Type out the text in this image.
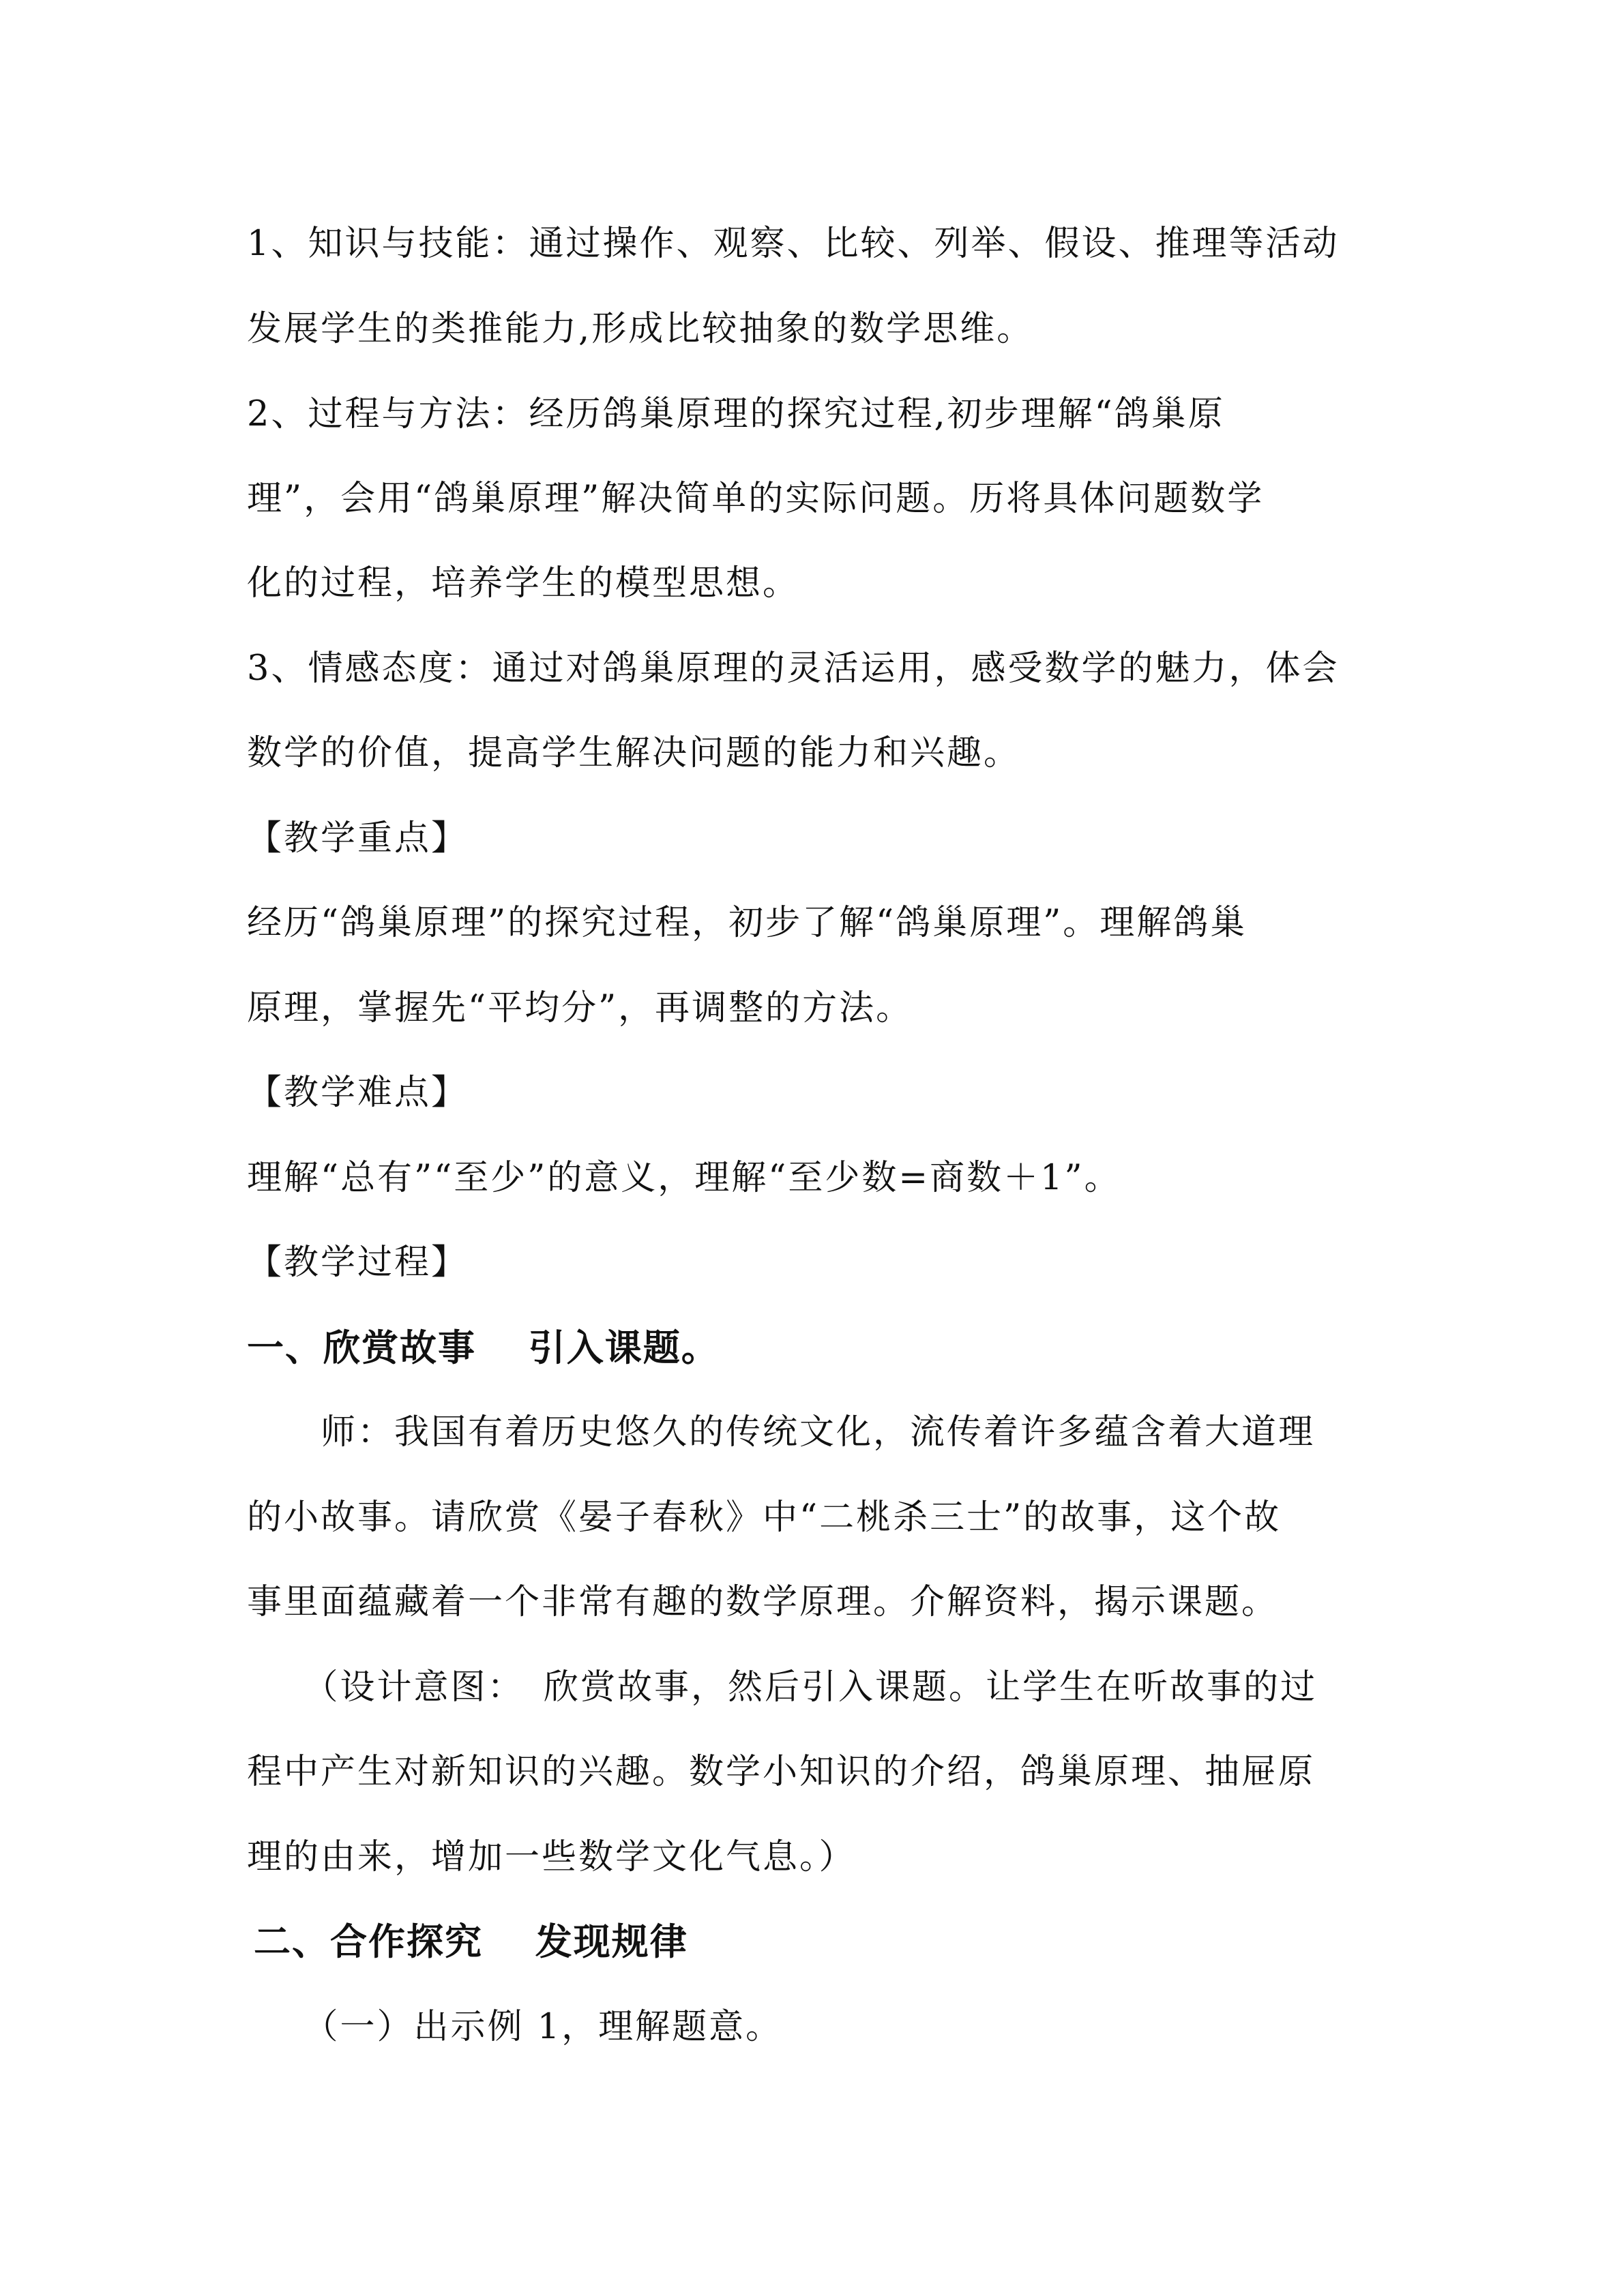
1、知识与技能：通过操作、观察、比较、列举、假设、推理等活动
发展学生的类推能力,形成比较抽象的数学思维。
2、过程与方法：经历鸽巢原理的探究过程,初步理解“鸽巢原
理”，会用“鸽巢原理”解决简单的实际问题。历将具体问题数学
化的过程，培养学生的模型思想。
3、情感态度：通过对鸽巢原理的灵活运用，感受数学的魅力，体会
数学的价值，提高学生解决问题的能力和兴趣。
【教学重点】
经历“鸽巢原理”的探究过程，初步了解“鸽巢原理”。理解鸽巢
原理，掌握先“平均分”，再调整的方法。
【教学难点】
理解“总有”“至少”的意义，理解“至少数=商数＋1”。
【教学过程】
一、欣赏故事　 引入课题。
　　师：我国有着历史悠久的传统文化，流传着许多蕴含着大道理
的小故事。请欣赏《晏子春秋》中“二桃杀三士”的故事，这个故
事里面蕴藏着一个非常有趣的数学原理。介解资料，揭示课题。
　　（设计意图：　欣赏故事，然后引入课题。让学生在听故事的过
程中产生对新知识的兴趣。数学小知识的介绍，鸽巢原理、抽屉原
理的由来，增加一些数学文化气息。）
二、合作探究　 发现规律
　　（一）出示例 1，理解题意。
